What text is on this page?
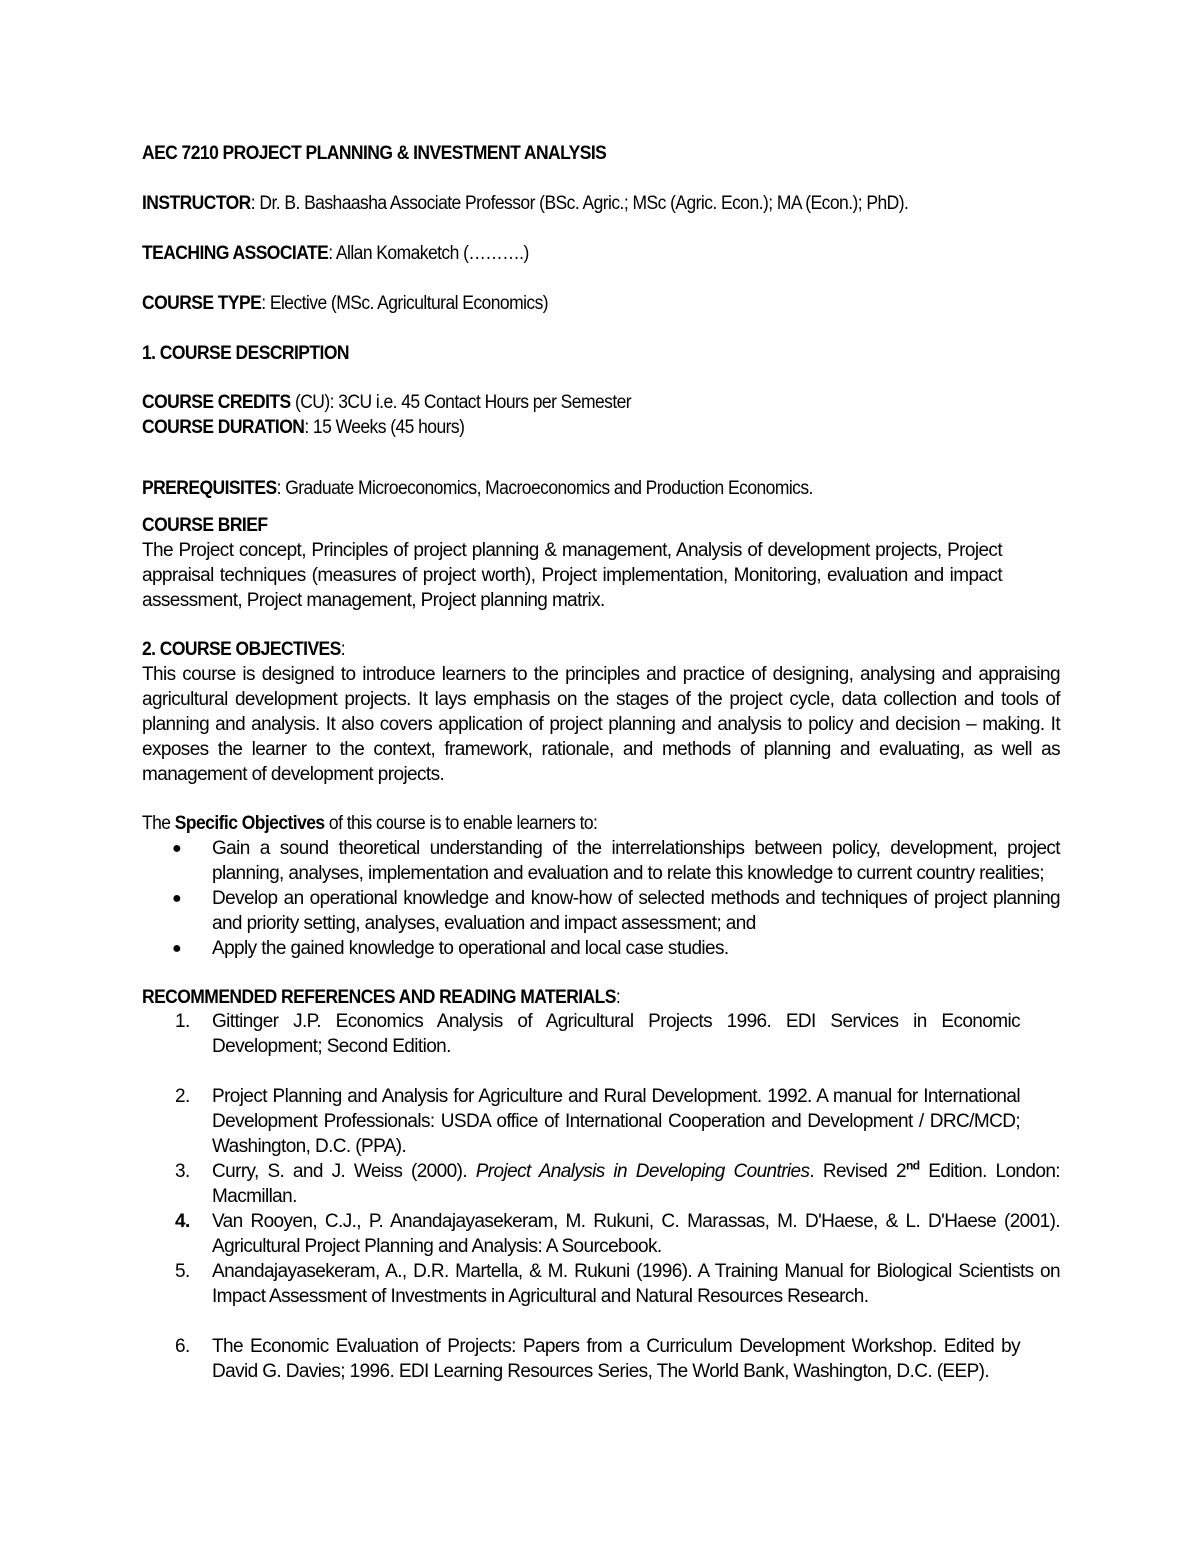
AEC 7210 PROJECT PLANNING & INVESTMENT ANALYSIS
INSTRUCTOR: Dr. B. Bashaasha Associate Professor (BSc. Agric.; MSc (Agric. Econ.); MA (Econ.); PhD).
TEACHING ASSOCIATE: Allan Komaketch (……….)
COURSE TYPE: Elective (MSc. Agricultural Economics)
1. COURSE DESCRIPTION
COURSE CREDITS (CU): 3CU i.e. 45 Contact Hours per Semester
COURSE DURATION: 15 Weeks (45 hours)
PREREQUISITES: Graduate Microeconomics, Macroeconomics and Production Economics.
COURSE BRIEF
The Project concept, Principles of project planning & management, Analysis of development projects, Project appraisal techniques (measures of project worth), Project implementation, Monitoring, evaluation and impact assessment, Project management, Project planning matrix.
2. COURSE OBJECTIVES:
This course is designed to introduce learners to the principles and practice of designing, analysing and appraising agricultural development projects. It lays emphasis on the stages of the project cycle, data collection and tools of planning and analysis. It also covers application of project planning and analysis to policy and decision – making. It exposes the learner to the context, framework, rationale, and methods of planning and evaluating, as well as management of development projects.
The Specific Objectives of this course is to enable learners to:
● Gain a sound theoretical understanding of the interrelationships between policy, development, project planning, analyses, implementation and evaluation and to relate this knowledge to current country realities;
● Develop an operational knowledge and know-how of selected methods and techniques of project planning and priority setting, analyses, evaluation and impact assessment; and
● Apply the gained knowledge to operational and local case studies.
RECOMMENDED REFERENCES AND READING MATERIALS:
1. Gittinger J.P. Economics Analysis of Agricultural Projects 1996. EDI Services in Economic Development; Second Edition.
2. Project Planning and Analysis for Agriculture and Rural Development. 1992. A manual for International Development Professionals: USDA office of International Cooperation and Development / DRC/MCD; Washington, D.C. (PPA).
3. Curry, S. and J. Weiss (2000). Project Analysis in Developing Countries. Revised 2nd Edition. London: Macmillan.
4. Van Rooyen, C.J., P. Anandajayasekeram, M. Rukuni, C. Marassas, M. D'Haese, & L. D'Haese (2001). Agricultural Project Planning and Analysis: A Sourcebook.
5. Anandajayasekeram, A., D.R. Martella, & M. Rukuni (1996). A Training Manual for Biological Scientists on Impact Assessment of Investments in Agricultural and Natural Resources Research.
6. The Economic Evaluation of Projects: Papers from a Curriculum Development Workshop. Edited by David G. Davies; 1996. EDI Learning Resources Series, The World Bank, Washington, D.C. (EEP).
